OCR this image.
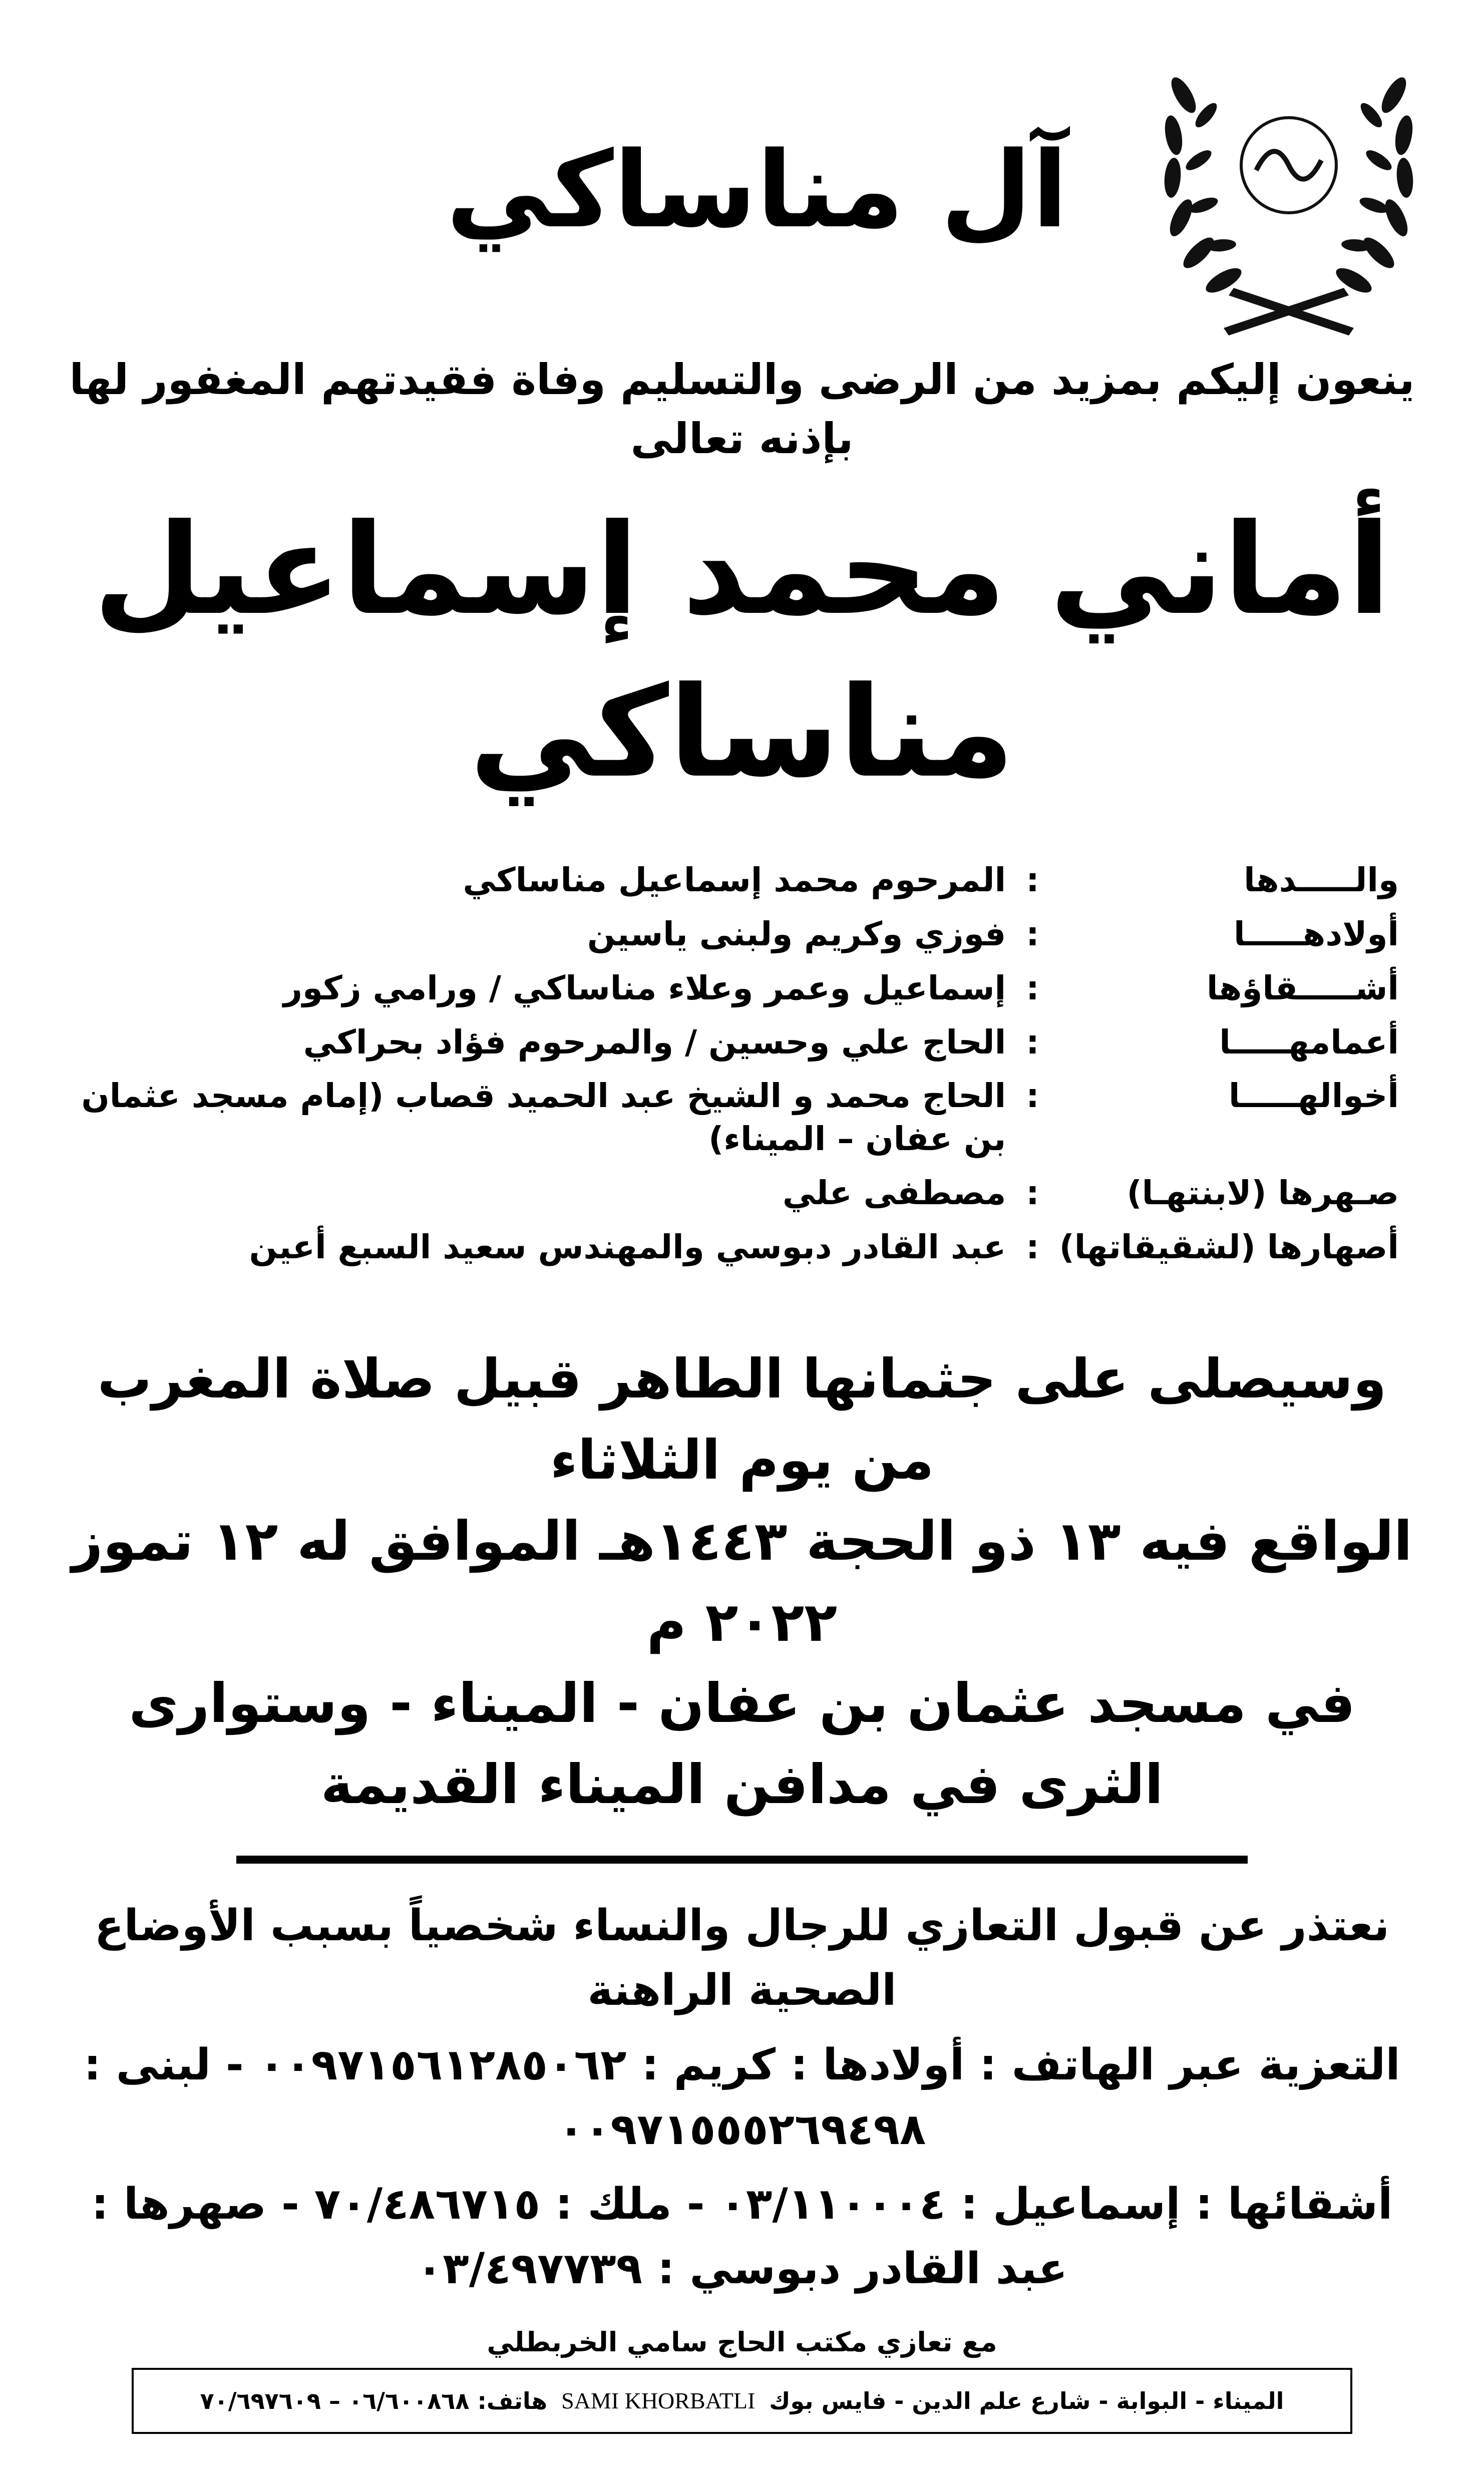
آل مناساكي
ينعون إليكم بمزيد من الرضى والتسليم وفاة فقيدتهم المغفور لها بإذنه تعالى
أماني محمد إسماعيل مناساكي
والـــــدها
:
المرحوم محمد إسماعيل مناساكي
أولادهـــــا
:
فوزي وكريم ولبنى ياسين
أشـــــقاؤها
:
إسماعيل وعمر وعلاء مناساكي / ورامي زكور
أعمامهـــــا
:
الحاج علي وحسين / والمرحوم فؤاد بحراكي
أخوالهـــــا
:
الحاج محمد و الشيخ عبد الحميد قصاب (إمام مسجد عثمان بن عفان – الميناء)
صـهرها (لابنتهـا)
:
مصطفى علي
أصهارها (لشقيقاتها)
:
عبد القادر دبوسي والمهندس سعيد السبع أعين
وسيصلى على جثمانها الطاهر قبيل صلاة المغرب من يوم الثلاثاء
الواقع فيه ١٣ ذو الحجة ١٤٤٣هـ الموافق له ١٢ تموز ٢٠٢٢ م
في مسجد عثمان بن عفان - الميناء - وستوارى الثرى في مدافن الميناء القديمة
نعتذر عن قبول التعازي للرجال والنساء شخصياً بسبب الأوضاع الصحية الراهنة
التعزية عبر الهاتف : أولادها : كريم : ٠٠٩٧١٥٦١٢٨٥٠٦٢ - لبنى : ٠٠٩٧١٥٥٥٢٦٩٤٩٨
أشقائها : إسماعيل : ٠٣/١١٠٠٠٤ - ملك : ٧٠/٤٨٦٧١٥ - صهرها : عبد القادر دبوسي : ٠٣/٤٩٧٧٣٩
مع تعازي مكتب الحاج سامي الخربطلي
الميناء - البوابة - شارع علم الدين - فايس بوك
SAMI KHORBATLI
هاتف: ٠٦/٦٠٠٨٦٨ – ٧٠/٦٩٧٦٠٩
